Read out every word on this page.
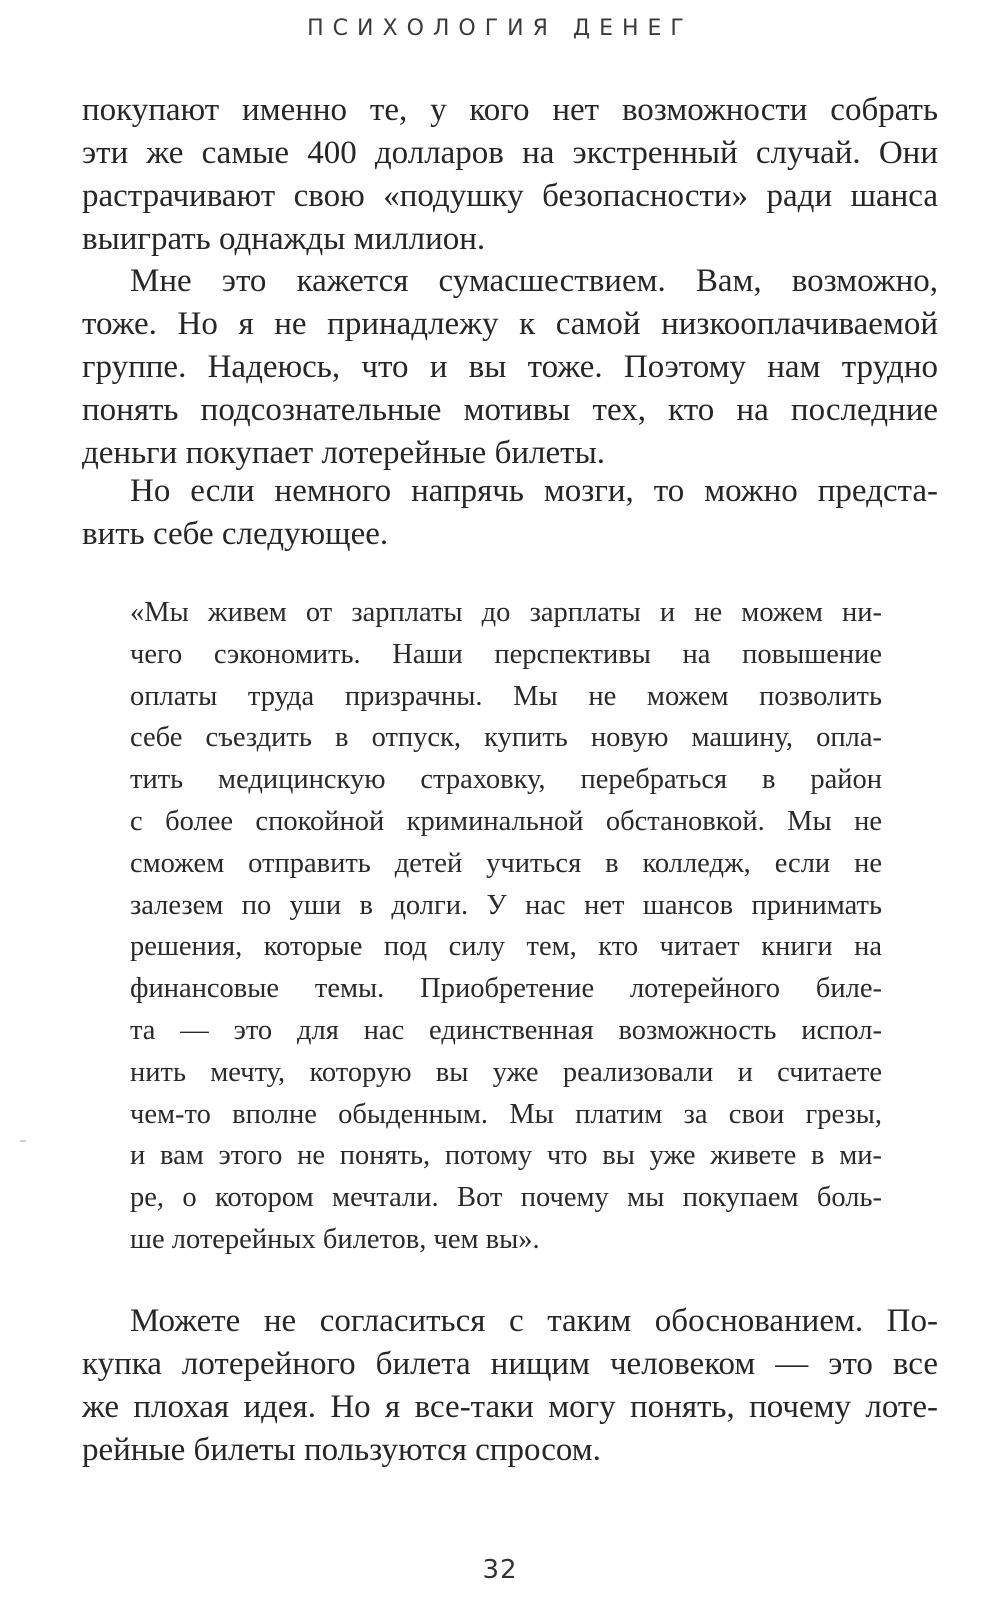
ПСИХОЛОГИЯ ДЕНЕГ
покупают именно те, у кого нет возможности собрать
эти же самые 400 долларов на экстренный случай. Они
растрачивают свою «подушку безопасности» ради шанса
выиграть однажды миллион.
Мне это кажется сумасшествием. Вам, возможно,
тоже. Но я не принадлежу к самой низкооплачиваемой
группе. Надеюсь, что и вы тоже. Поэтому нам трудно
понять подсознательные мотивы тех, кто на последние
деньги покупает лотерейные билеты.
Но если немного напрячь мозги, то можно предста-
вить себе следующее.
«Мы живем от зарплаты до зарплаты и не можем ни-
чего сэкономить. Наши перспективы на повышение
оплаты труда призрачны. Мы не можем позволить
себе съездить в отпуск, купить новую машину, опла-
тить медицинскую страховку, перебраться в район
с более спокойной криминальной обстановкой. Мы не
сможем отправить детей учиться в колледж, если не
залезем по уши в долги. У нас нет шансов принимать
решения, которые под силу тем, кто читает книги на
финансовые темы. Приобретение лотерейного биле-
та — это для нас единственная возможность испол-
нить мечту, которую вы уже реализовали и считаете
чем-то вполне обыденным. Мы платим за свои грезы,
и вам этого не понять, потому что вы уже живете в ми-
ре, о котором мечтали. Вот почему мы покупаем боль-
ше лотерейных билетов, чем вы».
Можете не согласиться с таким обоснованием. По-
купка лотерейного билета нищим человеком — это все
же плохая идея. Но я все-таки могу понять, почему лоте-
рейные билеты пользуются спросом.
32
